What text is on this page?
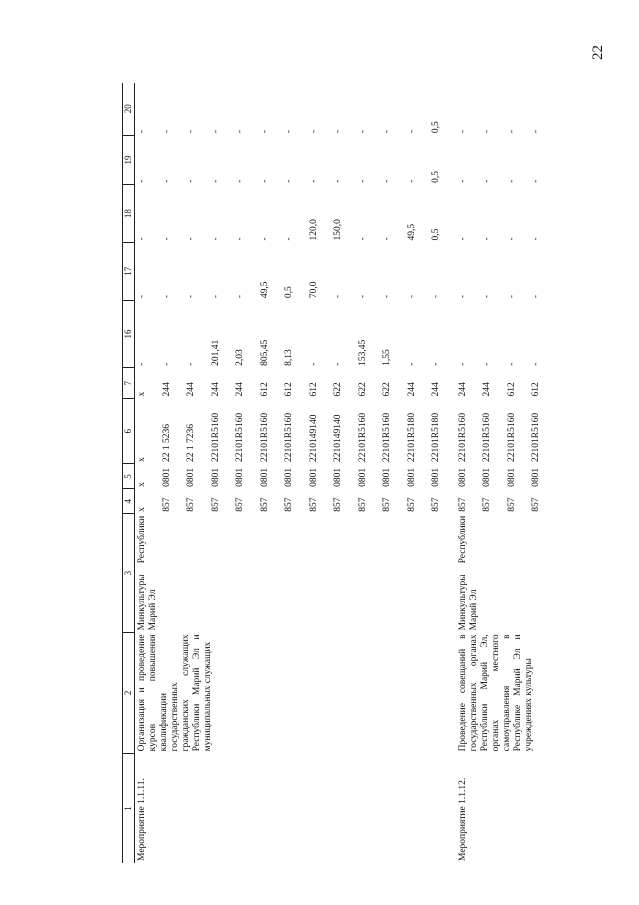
22
1	2	3	4	5	6	7	16	17	18	19	20
Мероприятие 1.1.11.	Организация и проведение курсов повышения квалификации государственных гражданских служащих Республики Марий Эл и муниципальных служащих	Минкультуры Республики Марий Эл	х	х	х	х	-	-	-	-	-
			857	0801	22 1 5236	244	-	-	-	-	-
			857	0801	22 1 7236	244	-	-	-	-	-
			857	0801	22101R5160	244	201,41	-	-	-	-
			857	0801	22101R5160	244	2,03	-	-	-	-
			857	0801	22101R5160	612	805,45	49,5	-	-	-
			857	0801	22101R5160	612	8,13	0,5	-	-	-
			857	0801	2210149140	612	-	70,0	120,0	-	-
			857	0801	2210149140	622	-	-	150,0	-	-
			857	0801	22101R5160	622	153,45	-	-	-	-
			857	0801	22101R5160	622	1,55	-	-	-	-
			857	0801	22101R5180	244	-	-	49,5	-	-
			857	0801	22101R5180	244	-	-	0,5	0,5	0,5
Мероприятие 1.1.12.	Проведение совещаний в государственных органах Республики Марий Эл, органах местного самоуправления в Республике Марий Эл и учреждениях культуры	Минкультуры Республики Марий Эл	857	0801	22101R5160	244	-	-	-	-	-
			857	0801	22101R5160	244	-	-	-	-	-
			857	0801	22101R5160	612	-	-	-	-	-
			857	0801	22101R5160	612	-	-	-	-	-
